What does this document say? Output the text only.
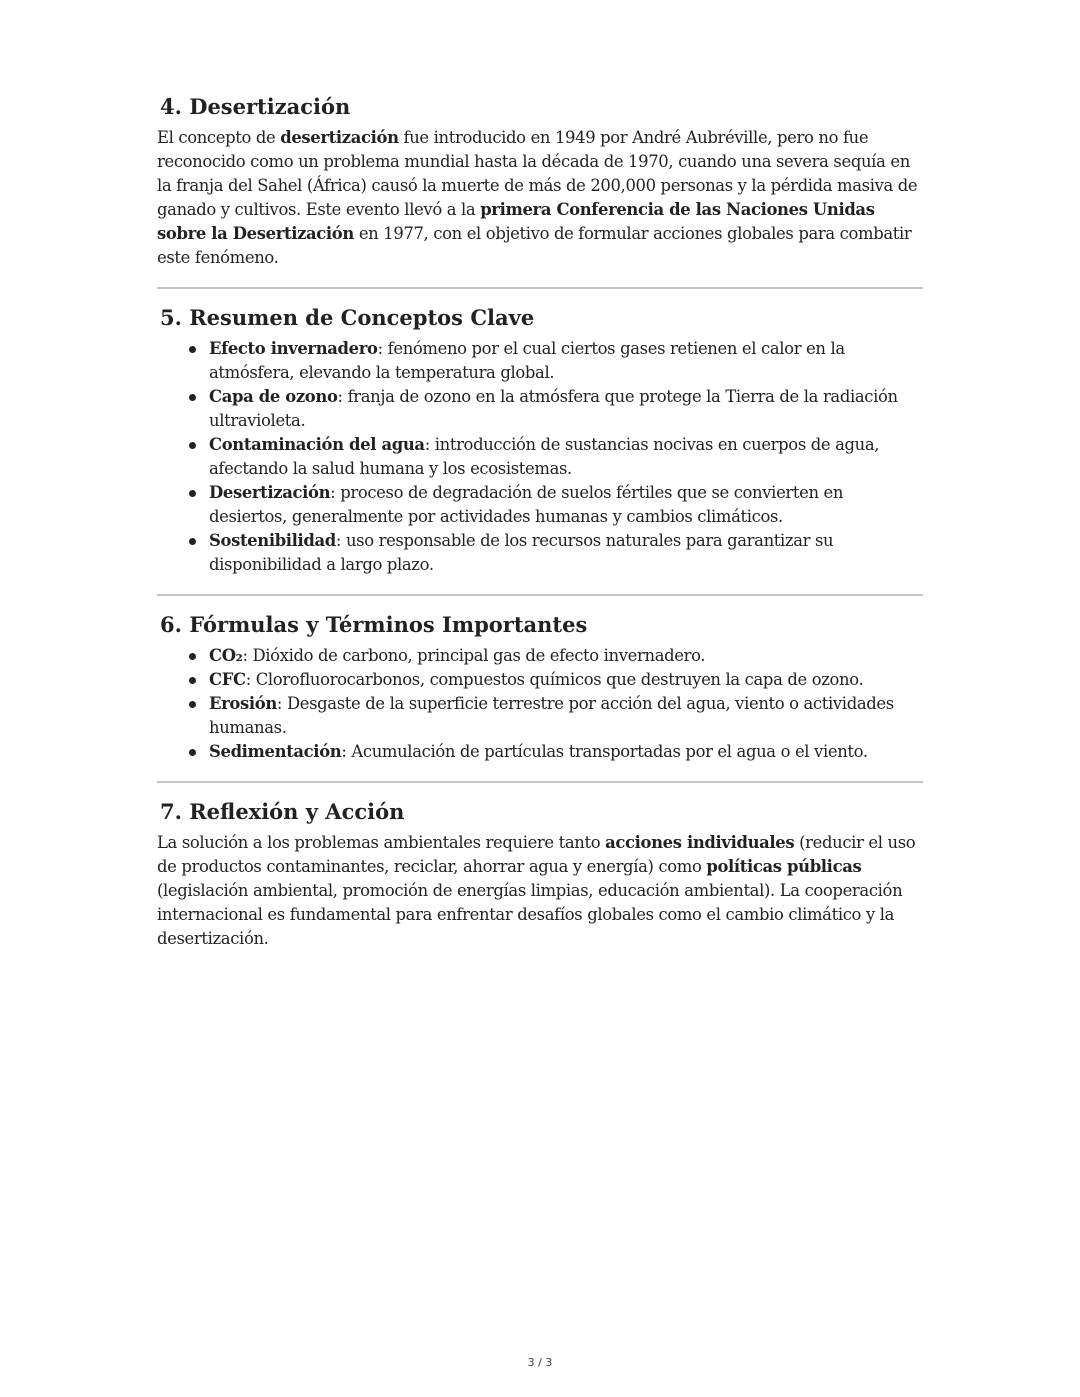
4. Desertización

El concepto de desertización fue introducido en 1949 por André Aubréville, pero no fue reconocido como un problema mundial hasta la década de 1970, cuando una severa sequía en la franja del Sahel (África) causó la muerte de más de 200,000 personas y la pérdida masiva de ganado y cultivos. Este evento llevó a la primera Conferencia de las Naciones Unidas sobre la Desertización en 1977, con el objetivo de formular acciones globales para combatir este fenómeno.

5. Resumen de Conceptos Clave
Efecto invernadero: fenómeno por el cual ciertos gases retienen el calor en la atmósfera, elevando la temperatura global.
Capa de ozono: franja de ozono en la atmósfera que protege la Tierra de la radiación ultravioleta.
Contaminación del agua: introducción de sustancias nocivas en cuerpos de agua, afectando la salud humana y los ecosistemas.
Desertización: proceso de degradación de suelos fértiles que se convierten en desiertos, generalmente por actividades humanas y cambios climáticos.
Sostenibilidad: uso responsable de los recursos naturales para garantizar su disponibilidad a largo plazo.
6. Fórmulas y Términos Importantes
CO₂: Dióxido de carbono, principal gas de efecto invernadero.
CFC: Clorofluorocarbonos, compuestos químicos que destruyen la capa de ozono.
Erosión: Desgaste de la superficie terrestre por acción del agua, viento o actividades humanas.
Sedimentación: Acumulación de partículas transportadas por el agua o el viento.
7. Reflexión y Acción

La solución a los problemas ambientales requiere tanto acciones individuales (reducir el uso de productos contaminantes, reciclar, ahorrar agua y energía) como políticas públicas (legislación ambiental, promoción de energías limpias, educación ambiental). La cooperación internacional es fundamental para enfrentar desafíos globales como el cambio climático y la desertización.

3 / 3
